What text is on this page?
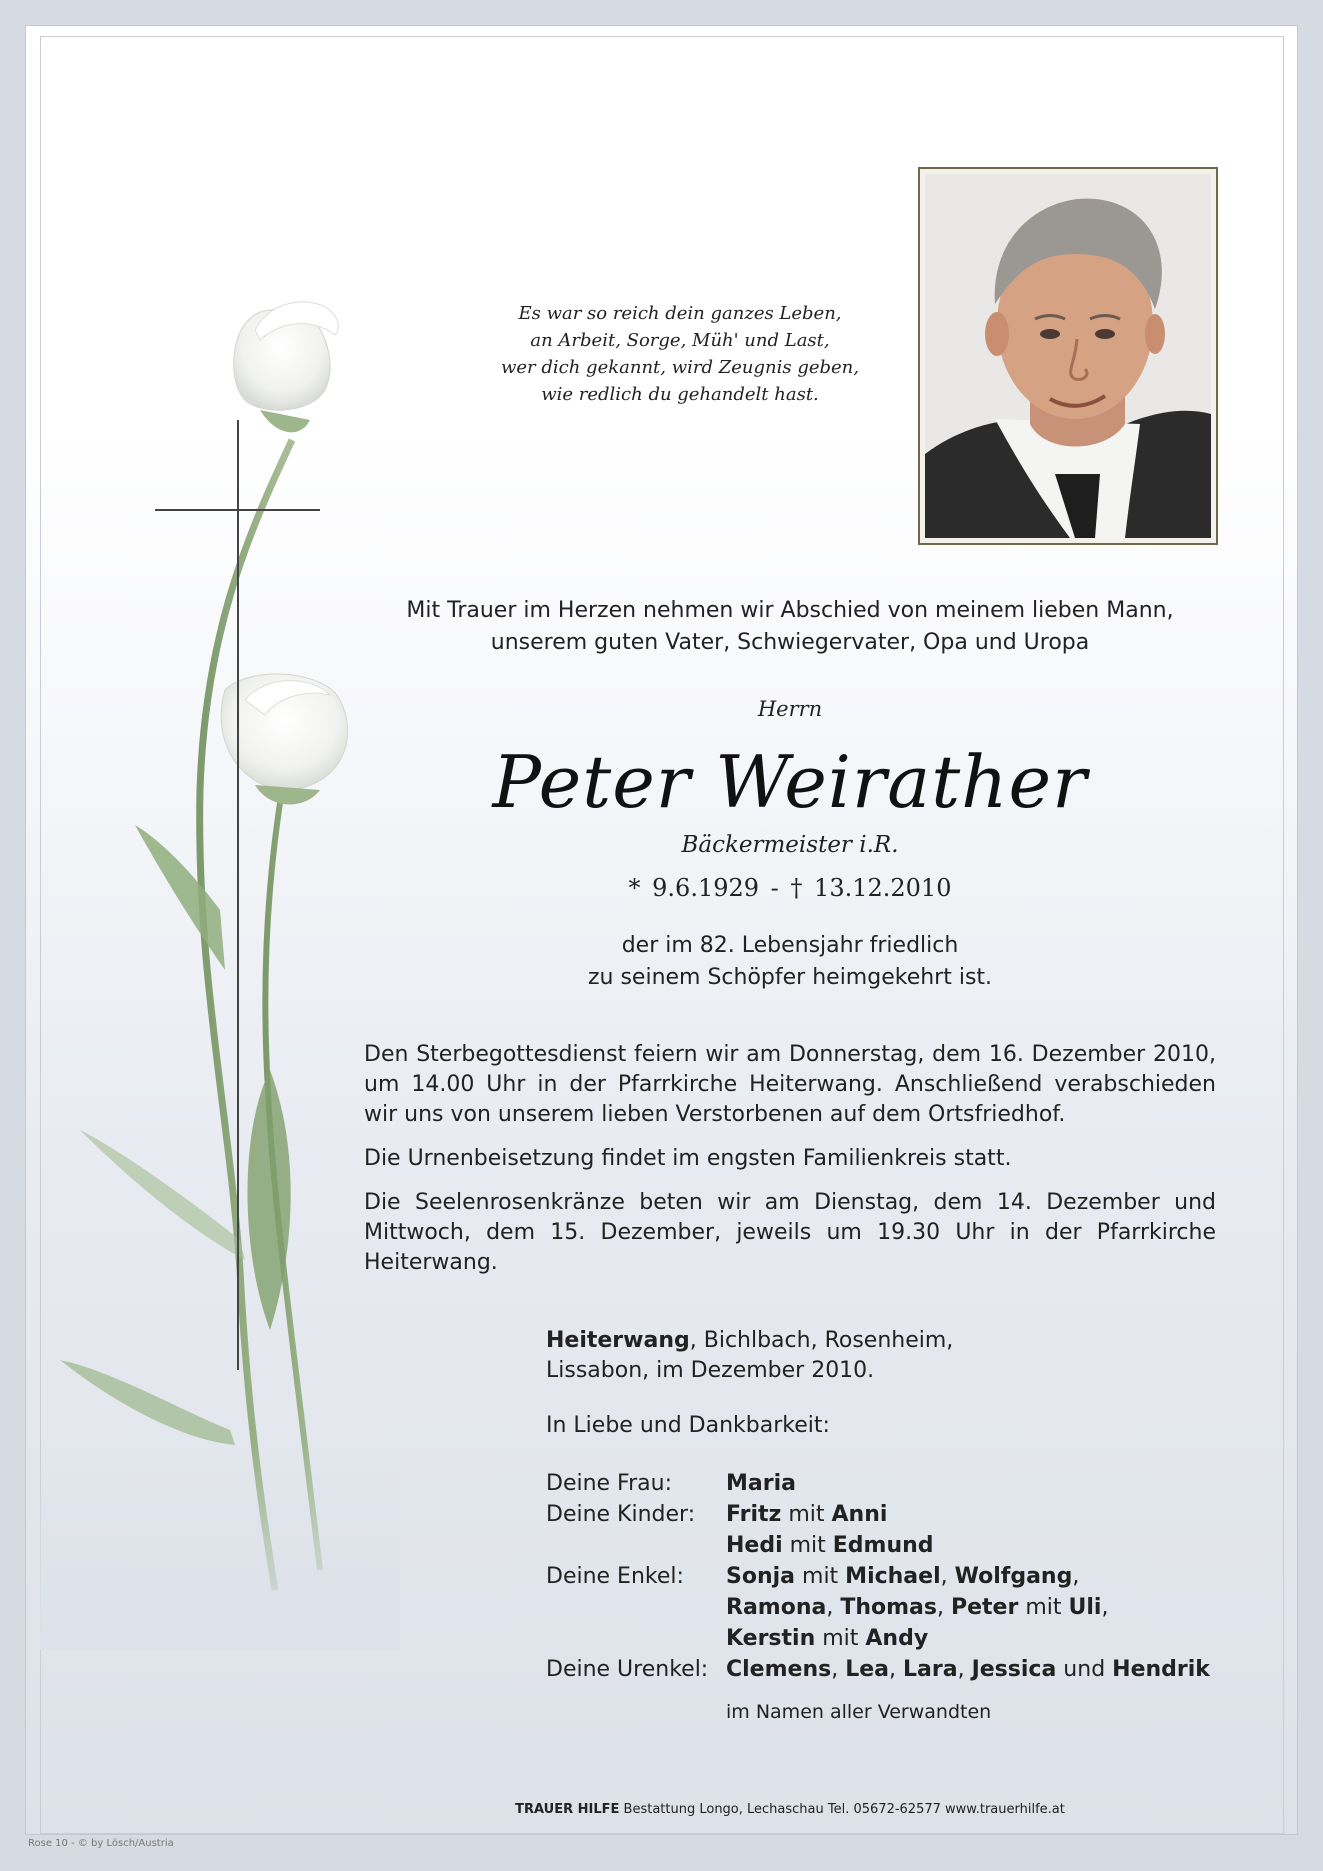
Es war so reich dein ganzes Leben,
an Arbeit, Sorge, Müh' und Last,
wer dich gekannt, wird Zeugnis geben,
wie redlich du gehandelt hast.
Mit Trauer im Herzen nehmen wir Abschied von meinem lieben Mann,
unserem guten Vater, Schwiegervater, Opa und Uropa
Herrn
Peter Weirather
Bäckermeister i.R.
* 9.6.1929 - † 13.12.2010
der im 82. Lebensjahr friedlich
zu seinem Schöpfer heimgekehrt ist.

Den Sterbegottesdienst feiern wir am Donnerstag, dem 16. Dezember 2010, um 14.00 Uhr in der Pfarrkirche Heiterwang. Anschließend verabschieden wir uns von unserem lieben Verstorbenen auf dem Ortsfriedhof.

Die Urnenbeisetzung findet im engsten Familienkreis statt.

Die Seelenrosenkränze beten wir am Dienstag, dem 14. Dezember und Mittwoch, dem 15. Dezember, jeweils um 19.30 Uhr in der Pfarrkirche Heiterwang.

Heiterwang, Bichlbach, Rosenheim,
Lissabon, im Dezember 2010.
In Liebe und Dankbarkeit:
Deine Frau:	Maria
Deine Kinder:	Fritz mit Anni
Hedi mit Edmund
Deine Enkel:	Sonja mit Michael, Wolfgang,
Ramona, Thomas, Peter mit Uli,
Kerstin mit Andy
Deine Urenkel: Clemens, Lea, Lara, Jessica und Hendrik
im Namen aller Verwandten
TRAUER HILFE Bestattung Longo, Lechaschau Tel. 05672-62577 www.trauerhilfe.at
Rose 10 - © by Lösch/Austria
